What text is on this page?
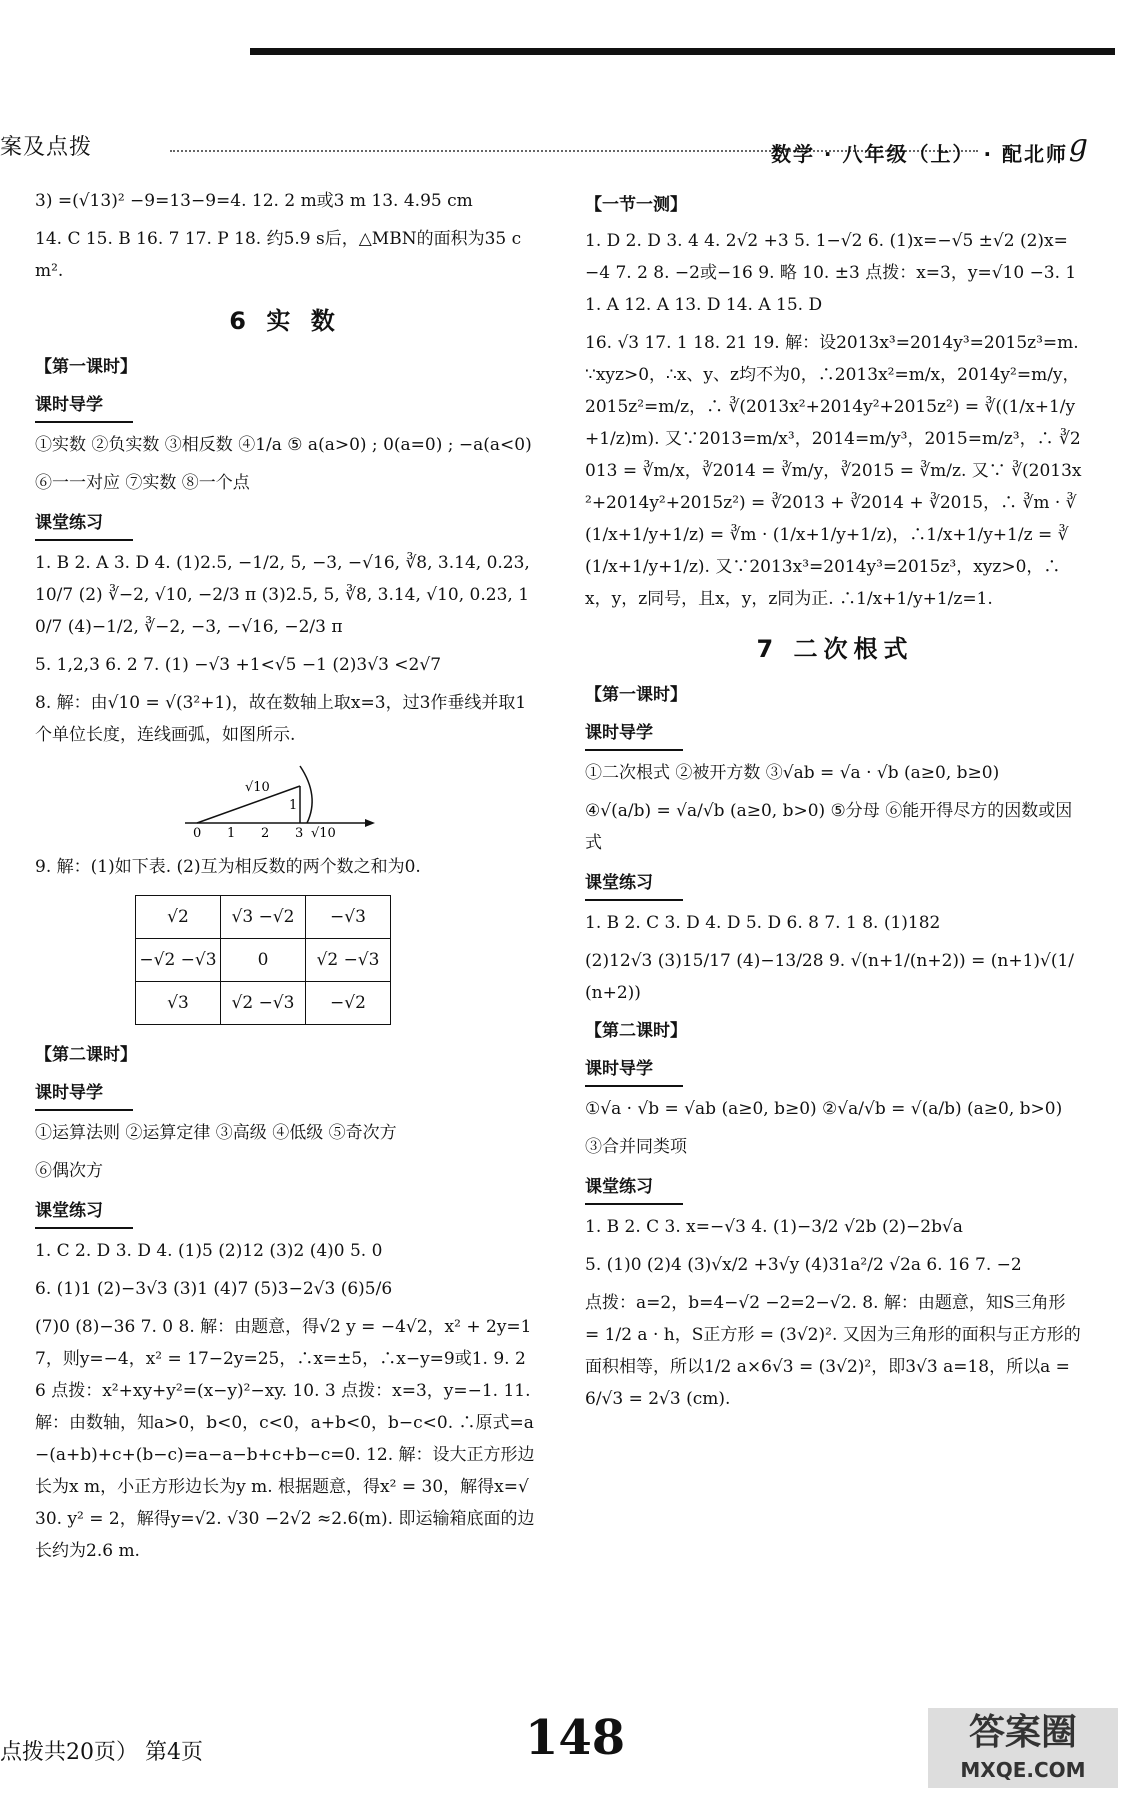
案及点拨	数学 · 八年级（上） · 配北师 g

3) =(√13)² −9=13−9=4. 12. 2 m或3 m 13. 4.95 cm

14. C 15. B 16. 7 17. P 18. 约5.9 s后，△MBN的面积为35 cm².

6 实 数
【第一课时】
课时导学

①实数 ②负实数 ③相反数 ④1/a ⑤ a(a>0) ; 0(a=0) ; −a(a<0)

⑥一一对应 ⑦实数 ⑧一个点

课堂练习

1. B 2. A 3. D 4. (1)2.5, −1/2, 5, −3, −√16, ∛8, 3.14, 0.23, 10/7 (2) ∛−2, √10, −2/3 π (3)2.5, 5, ∛8, 3.14, √10, 0.23, 10/7 (4)−1/2, ∛−2, −3, −√16, −2/3 π

5. 1,2,3 6. 2 7. (1) −√3 +1<√5 −1 (2)3√3 <2√7

8. 解：由√10 = √(3²+1)，故在数轴上取x=3，过3作垂线并取1个单位长度，连线画弧，如图所示.

0 1 2 3 √10
√10
1

9. 解：(1)如下表. (2)互为相反数的两个数之和为0.

√2	√3 −√2	−√3
−√2 −√3	0	√2 −√3
√3	√2 −√3	−√2
【第二课时】
课时导学

①运算法则 ②运算定律 ③高级 ④低级 ⑤奇次方

⑥偶次方

课堂练习

1. C 2. D 3. D 4. (1)5 (2)12 (3)2 (4)0 5. 0

6. (1)1 (2)−3√3 (3)1 (4)7 (5)3−2√3 (6)5/6

(7)0 (8)−36 7. 0 8. 解：由题意，得√2 y = −4√2，x² + 2y=17，则y=−4，x² = 17−2y=25，∴x=±5，∴x−y=9或1. 9. 26 点拨：x²+xy+y²=(x−y)²−xy. 10. 3 点拨：x=3，y=−1. 11. 解：由数轴，知a>0，b<0，c<0，a+b<0，b−c<0. ∴原式=a−(a+b)+c+(b−c)=a−a−b+c+b−c=0. 12. 解：设大正方形边长为x m，小正方形边长为y m. 根据题意，得x² = 30，解得x=√30. y² = 2，解得y=√2. √30 −2√2 ≈2.6(m). 即运输箱底面的边长约为2.6 m.

【一节一测】

1. D 2. D 3. 4 4. 2√2 +3 5. 1−√2 6. (1)x=−√5 ±√2 (2)x=−4 7. 2 8. −2或−16 9. 略 10. ±3 点拨：x=3，y=√10 −3. 11. A 12. A 13. D 14. A 15. D

16. √3 17. 1 18. 21 19. 解：设2013x³=2014y³=2015z³=m. ∵xyz>0，∴x、y、z均不为0，∴2013x²=m/x，2014y²=m/y，2015z²=m/z，∴ ∛(2013x²+2014y²+2015z²) = ∛((1/x+1/y+1/z)m). 又∵2013=m/x³，2014=m/y³，2015=m/z³，∴ ∛2013 = ∛m/x，∛2014 = ∛m/y，∛2015 = ∛m/z. 又∵ ∛(2013x²+2014y²+2015z²) = ∛2013 + ∛2014 + ∛2015，∴ ∛m · ∛(1/x+1/y+1/z) = ∛m · (1/x+1/y+1/z)，∴1/x+1/y+1/z = ∛(1/x+1/y+1/z). 又∵2013x³=2014y³=2015z³，xyz>0，∴x，y，z同号，且x，y，z同为正. ∴1/x+1/y+1/z=1.

7 二次根式
【第一课时】
课时导学

①二次根式 ②被开方数 ③√ab = √a · √b (a≥0, b≥0)

④√(a/b) = √a/√b (a≥0, b>0) ⑤分母 ⑥能开得尽方的因数或因式

课堂练习

1. B 2. C 3. D 4. D 5. D 6. 8 7. 1 8. (1)182

(2)12√3 (3)15/17 (4)−13/28 9. √(n+1/(n+2)) = (n+1)√(1/(n+2))

【第二课时】
课时导学

①√a · √b = √ab (a≥0, b≥0) ②√a/√b = √(a/b) (a≥0, b>0)

③合并同类项

课堂练习

1. B 2. C 3. x=−√3 4. (1)−3/2 √2b (2)−2b√a

5. (1)0 (2)4 (3)√x/2 +3√y (4)31a²/2 √2a 6. 16 7. −2

点拨：a=2，b=4−√2 −2=2−√2. 8. 解：由题意，知S三角形 = 1/2 a · h，S正方形 = (3√2)². 又因为三角形的面积与正方形的面积相等，所以1/2 a×6√3 = (3√2)²，即3√3 a=18，所以a = 6/√3 = 2√3 (cm).

点拨共20页） 第4页	148	答案圈
MXQE.COM
